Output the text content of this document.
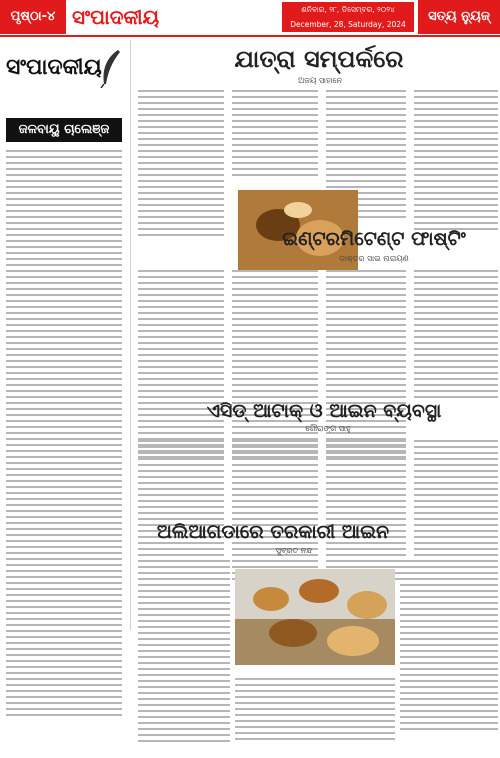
ପୃଷ୍ଠା-୪ ସଂପାଦକୀୟ	ଶନିବାର, ୨୮, ଡିସେମ୍ବର, ୨୦୨୪
December, 28, Saturday, 2024
ସତ୍ୟ ନ୍ୟୁଜ୍
ସଂପାଦକୀୟ
ଜଳବାୟୁ ଚାଲେଞ୍ଜ
ଯାତ୍ରା ସମ୍ପର୍କରେ
ଅଜୟ ସାହାନେ
ଇଣ୍ଟରମିଟେଣ୍ଟ ଫାଷ୍ଟିଂ
ଡାକ୍ତର ସାଇ ନାରାୟଣ
ଏସିଡ୍ ଆଟାକ୍ ଓ ଆଇନ ବ୍ୟବସ୍ଥା
ଗୌରାଙ୍ଗ ସାହୁ
ଅଲିଆଗଡାରେ ତରକାରୀ ଆଇନ
ସୁବ୍ରତ ନନ୍ଦ
